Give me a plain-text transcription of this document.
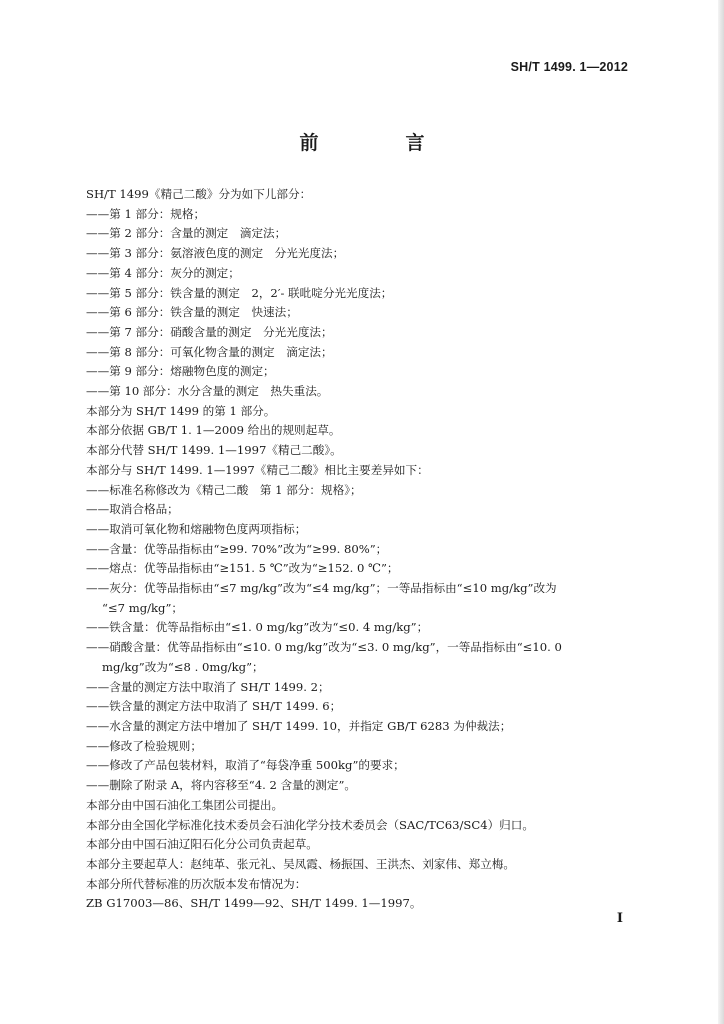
SH/T 1499. 1—2012
前　言

SH/T 1499《精己二酸》分为如下儿部分：

——第 1 部分：规格；

——第 2 部分：含量的测定　滴定法；

——第 3 部分：氨溶液色度的测定　分光光度法；

——第 4 部分：灰分的测定；

——第 5 部分：铁含量的测定　2，2′- 联吡啶分光光度法；

——第 6 部分：铁含量的测定　快速法；

——第 7 部分：硝酸含量的测定　分光光度法；

——第 8 部分：可氧化物含量的测定　滴定法；

——第 9 部分：熔融物色度的测定；

——第 10 部分：水分含量的测定　热失重法。

本部分为 SH/T 1499 的第 1 部分。

本部分依据 GB/T 1. 1—2009 给出的规则起草。

本部分代替 SH/T 1499. 1—1997《精己二酸》。

本部分与 SH/T 1499. 1—1997《精己二酸》相比主要差异如下：

——标准名称修改为《精己二酸　第 1 部分：规格》；

——取消合格品；

——取消可氧化物和熔融物色度两项指标；

——含量：优等品指标由“≥99. 70%”改为“≥99. 80%”；

——熔点：优等品指标由“≥151. 5 ℃”改为“≥152. 0 ℃”；

——灰分：优等品指标由“≤7 mg/kg”改为“≤4 mg/kg”；一等品指标由“≤10 mg/kg”改为

“≤7 mg/kg”；

——铁含量：优等品指标由“≤1. 0 mg/kg”改为“≤0. 4 mg/kg”；

——硝酸含量：优等品指标由“≤10. 0 mg/kg”改为“≤3. 0 mg/kg”，一等品指标由“≤10. 0

mg/kg”改为“≤8 . 0mg/kg”；

——含量的测定方法中取消了 SH/T 1499. 2；

——铁含量的测定方法中取消了 SH/T 1499. 6；

——水含量的测定方法中增加了 SH/T 1499. 10，并指定 GB/T 6283 为仲裁法；

——修改了检验规则；

——修改了产品包装材料，取消了“每袋净重 500kg”的要求；

——删除了附录 A，将内容移至“4. 2 含量的测定”。

本部分由中国石油化工集团公司提出。

本部分由全国化学标准化技术委员会石油化学分技术委员会（SAC/TC63/SC4）归口。

本部分由中国石油辽阳石化分公司负责起草。

本部分主要起草人：赵纯革、张元礼、吴凤霞、杨振国、王洪杰、刘家伟、郑立梅。

本部分所代替标准的历次版本发布情况为：

ZB G17003—86、SH/T 1499—92、SH/T 1499. 1—1997。

I
